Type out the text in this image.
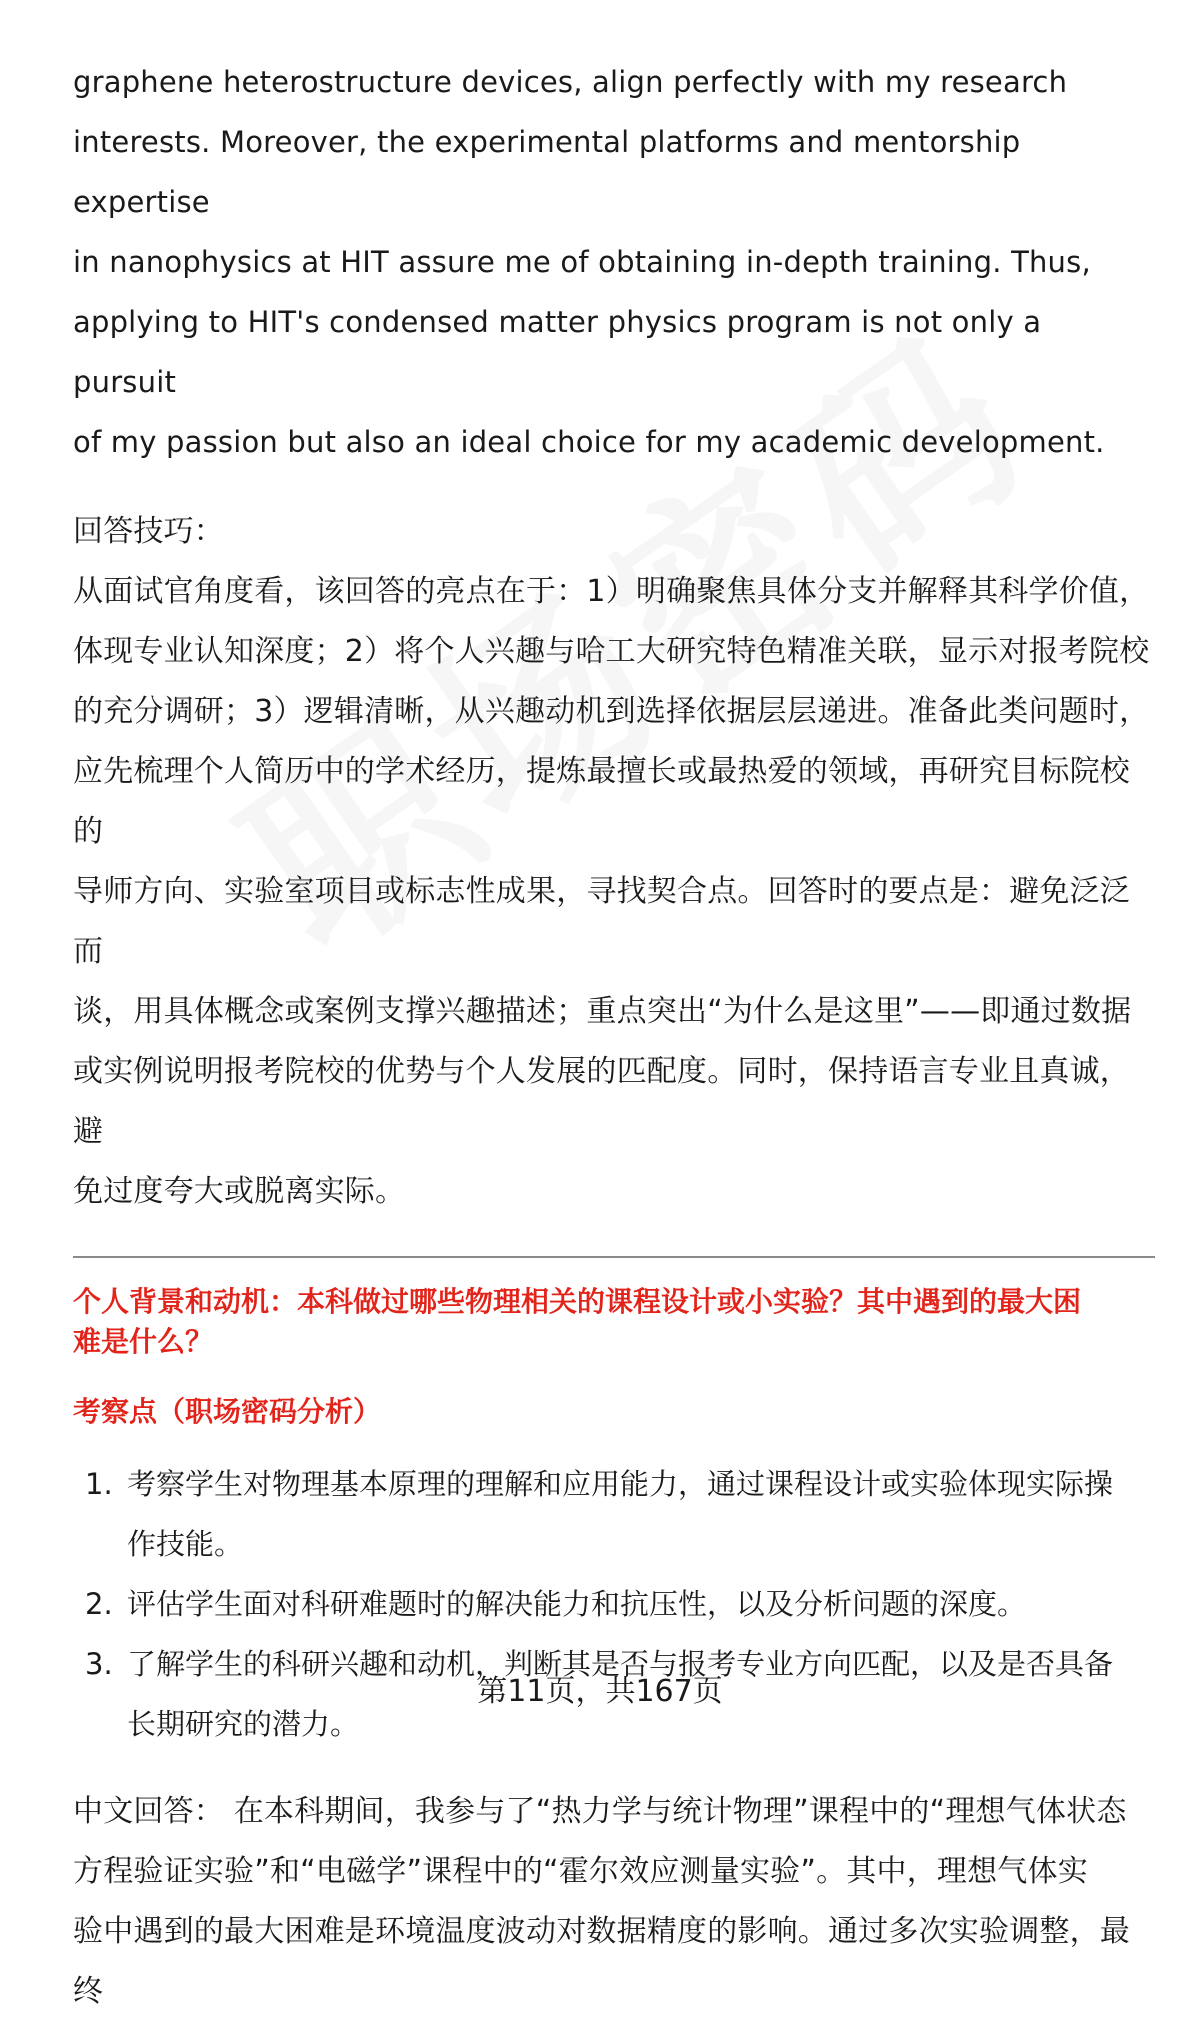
graphene heterostructure devices, align perfectly with my research

interests. Moreover, the experimental platforms and mentorship expertise

in nanophysics at HIT assure me of obtaining in-depth training. Thus,

applying to HIT's condensed matter physics program is not only a pursuit

of my passion but also an ideal choice for my academic development.

回答技巧：

从面试官角度看，该回答的亮点在于：1）明确聚焦具体分支并解释其科学价值，

体现专业认知深度；2）将个人兴趣与哈工大研究特色精准关联，显示对报考院校

的充分调研；3）逻辑清晰，从兴趣动机到选择依据层层递进。准备此类问题时，

应先梳理个人简历中的学术经历，提炼最擅长或最热爱的领域，再研究目标院校的

导师方向、实验室项目或标志性成果，寻找契合点。回答时的要点是：避免泛泛而

谈，用具体概念或案例支撑兴趣描述；重点突出“为什么是这里”——即通过数据

或实例说明报考院校的优势与个人发展的匹配度。同时，保持语言专业且真诚，避

免过度夸大或脱离实际。

个人背景和动机：本科做过哪些物理相关的课程设计或小实验？其中遇到的最大困

难是什么？

考察点（职场密码分析）

1. 考察学生对物理基本原理的理解和应用能力，通过课程设计或实验体现实际操
作技能。
2. 评估学生面对科研难题时的解决能力和抗压性，以及分析问题的深度。
3. 了解学生的科研兴趣和动机，判断其是否与报考专业方向匹配，以及是否具备
长期研究的潜力。

中文回答： 在本科期间，我参与了“热力学与统计物理”课程中的“理想气体状态

方程验证实验”和“电磁学”课程中的“霍尔效应测量实验”。其中，理想气体实

验中遇到的最大困难是环境温度波动对数据精度的影响。通过多次实验调整，最终

第11页，共167页
